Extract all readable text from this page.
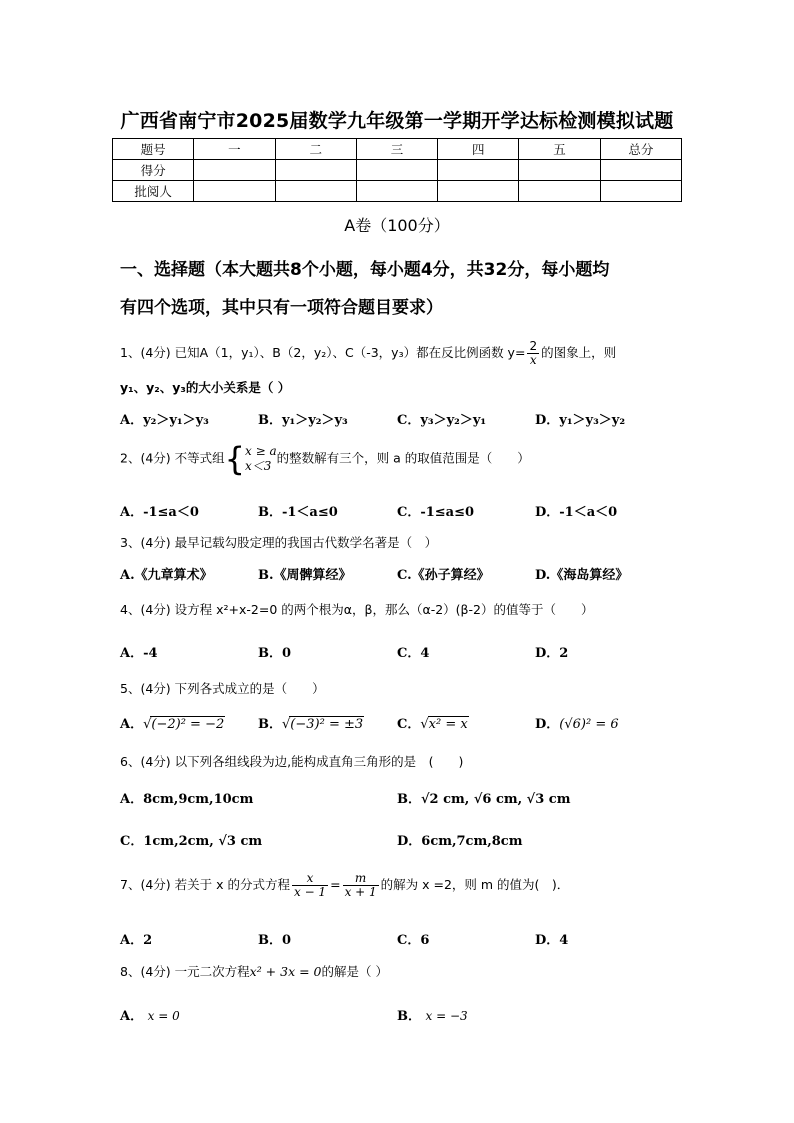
广西省南宁市2025届数学九年级第一学期开学达标检测模拟试题
题号	一	二	三	四	五	总分
得分						
批阅人						
A卷（100分）
一、选择题（本大题共8个小题，每小题4分，共32分，每小题均
有四个选项，其中只有一项符合题目要求）
1、(4分) 已知A（1，y₁）、B（2，y₂）、C（-3，y₃）都在反比例函数 $y= \frac{2}{x}$ 的图象上，则
y₁、y₂、y₃的大小关系是（ ）
A．y₂＞y₁＞y₃	B．y₁＞y₂＞y₃	C．y₃＞y₂＞y₁	D．y₁＞y₃＞y₂
2、(4分) 不等式组{ x ≥ a
x＜3
的整数解有三个，则 a 的取值范围是（　　）
A．-1≤a＜0	B．-1＜a≤0	C．-1≤a≤0	D．-1＜a＜0
3、(4分) 最早记载勾股定理的我国古代数学名著是（　）
A.《九章算术》	B.《周髀算经》	C.《孙子算经》	D.《海岛算经》
4、(4分) 设方程 x²+x-2=0 的两个根为α，β，那么（α-2）(β-2）的值等于（　　）
A．-4	B．0	C．4	D．2
5、(4分) 下列各式成立的是（　　）
A．√(−2)² = −2	B．√(−3)² = ±3	C．√x² = x	D．(√6)² = 6
6、(4分) 以下列各组线段为边,能构成直角三角形的是　(　　)
A．8cm,9cm,10cm	B．√2 cm, √6 cm, √3 cm
C．1cm,2cm, √3 cm	D．6cm,7cm,8cm
7、(4分) 若关于 x 的分式方程 $\frac{x}{x - 1} = \frac{m}{x + 1}$ 的解为 x =2，则 m 的值为(　)．
A．2	B．0	C．6	D．4
8、(4分) 一元二次方程x² + 3x = 0的解是（ ）
A． x = 0	B． x = −3
